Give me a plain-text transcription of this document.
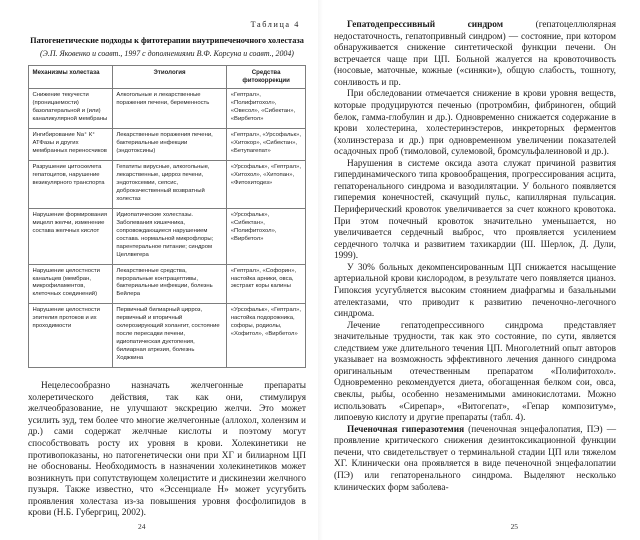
Таблица 4
Патогенетические подходы к фитотерапии внутрипеченочного холестаза
(Э.П. Яковенко и соавт., 1997 с дополнениями В.Ф. Корсуна и соавт., 2004)
Механизмы холестаза	Этиология	Средства фитокоррекции
Снижение текучести (проницаемости) базолатеральной и (или) каналикулярной мембраны	Алкогольные и лекарственные поражения печени, беременность	«Гептрал», «Полифитохол», «Овесол», «Сибектан», «Вирбетол»
Ингибирование Na⁺ К⁺ АТФазы и других мембранных переносчиков	Лекарственные поражения печени, бактериальные инфекции (эндотоксины)	«Гептрал», «Урсофальк», «Хитокор», «Сибектан», «Бетупагепат»
Разрушение цитоскелета гепатоцитов, нарушение везикулярного транспорта	Гепатиты вирусные, алкогольные, лекарственные, цирроз печени, эндотоксемии, сепсис, доброкачественный возвратный холестаз	«Урсофальк», «Гептрал», «Хитохол», «Хитопан», «Фитохитодез»
Нарушение формирования мицелл желчи, изменение состава желчных кислот	Идиопатические холестазы. Заболевания кишечника, сопровождающиеся нарушением состава. нормальной микрофлоры; парентеральное питание; синдром Целлвегера	«Урсофальк», «Сибектан», «Полифитохол», «Вирбетол»
Нарушение целостности канальцев (мембран, микрофиламентов, клеточных соединений)	Лекарственные средства, пероральные контрацептивы, бактериальные инфекции, болезнь Бейлера	«Гептрал», «Софорин», настойка арники, овса, экстракт коры калины
Нарушение целостности эпителия протоков и их проходимости	Первичный билиарный цирроз, первичный и вторичный склерозирующий холангит, состояние после пересадки печени, идиопатическая дуктопения, билиарная атрезия, болезнь Ходжкина	«Урсофальк», «Гептрал», настойка подорожника, софоры, родиолы, «Хофитол», «Вирбетол»

Нецелесообразно назначать желчегонные препараты холеретического действия, так как они, стимулируя желчеобразование, не улучшают экскрецию желчи. Это может усилить зуд, тем более что многие желчегонные (аллохол, холензим и др.) сами содержат желчные кислоты и поэтому могут способствовать росту их уровня в крови. Холекинетики не противопоказаны, но патогенетически они при ХГ и билиарном ЦП не обоснованы. Необходимость в назначении холекинетиков может возникнуть при сопутствующем холецистите и дискинезии желчного пузыря. Также известно, что «Эссенциале Н» может усугубить проявления холестаза из-за повышения уровня фосфолипидов в крови (Н.Б. Губергриц, 2002).

24

Гепатодепрессивный синдром (гепатоцеллюлярная недостаточность, гепатопривный синдром) — состояние, при котором обнаруживается снижение синтетической функции печени. Он встречается чаще при ЦП. Больной жалуется на кровоточивость (носовые, маточные, кожные («синяки»), общую слабость, тошноту, сонливость и пр.

При обследовании отмечается снижение в крови уровня веществ, которые продуцируются печенью (протромбин, фибриноген, общий белок, гамма-глобулин и др.). Одновременно снижается содержание в крови холестерина, холестеринэстеров, инкреторных ферментов (холинэстераза и др.) при одновременном увеличении показателей осадочных проб (тимоловой, сулемовой, бромсульфалеиновой и др.).

Нарушения в системе оксида азота служат причиной развития гипердинамического типа кровообращения, прогрессирования асцита, гепаторенального синдрома и вазодилятации. У больного появляется гиперемия конечностей, скачущий пульс, капиллярная пульсация. Периферический кровоток увеличивается за счет кожного кровотока. При этом почечный кровоток значительно уменьшается, но увеличивается сердечный выброс, что проявляется усилением сердечного толчка и развитием тахикардии (Ш. Шерлок, Д. Дули, 1999).

У 30% больных декомпенсированным ЦП снижается насыщение артериальной крови кислородом, в результате чего появляется цианоз. Гипоксия усугубляется высоким стоянием диафрагмы и базальными ателектазами, что приводит к развитию печеночно-легочного синдрома.

Лечение гепатодепрессивного синдрома представляет значительные трудности, так как это состояние, по сути, является следствием уже длительного течения ЦП. Многолетний опыт авторов указывает на возможность эффективного лечения данного синдрома оригинальным отечественным препаратом «Полифитохол». Одновременно рекомендуется диета, обогащенная белком сои, овса, свеклы, рыбы, особенно незаменимыми аминокислотами. Можно использовать «Сирепар», «Витогепат», «Гепар композитум», липоевую кислоту и другие препараты (табл. 4).

Печеночная гиперазотемия (печеночная энцефалопатия, ПЭ) — проявление критического снижения дезинтоксикационной функции печени, что свидетельствует о терминальной стадии ЦП или тяжелом ХГ. Клинически она проявляется в виде печеночной энцефалопатии (ПЭ) или гепаторенального синдрома. Выделяют несколько клинических форм заболева-

25
